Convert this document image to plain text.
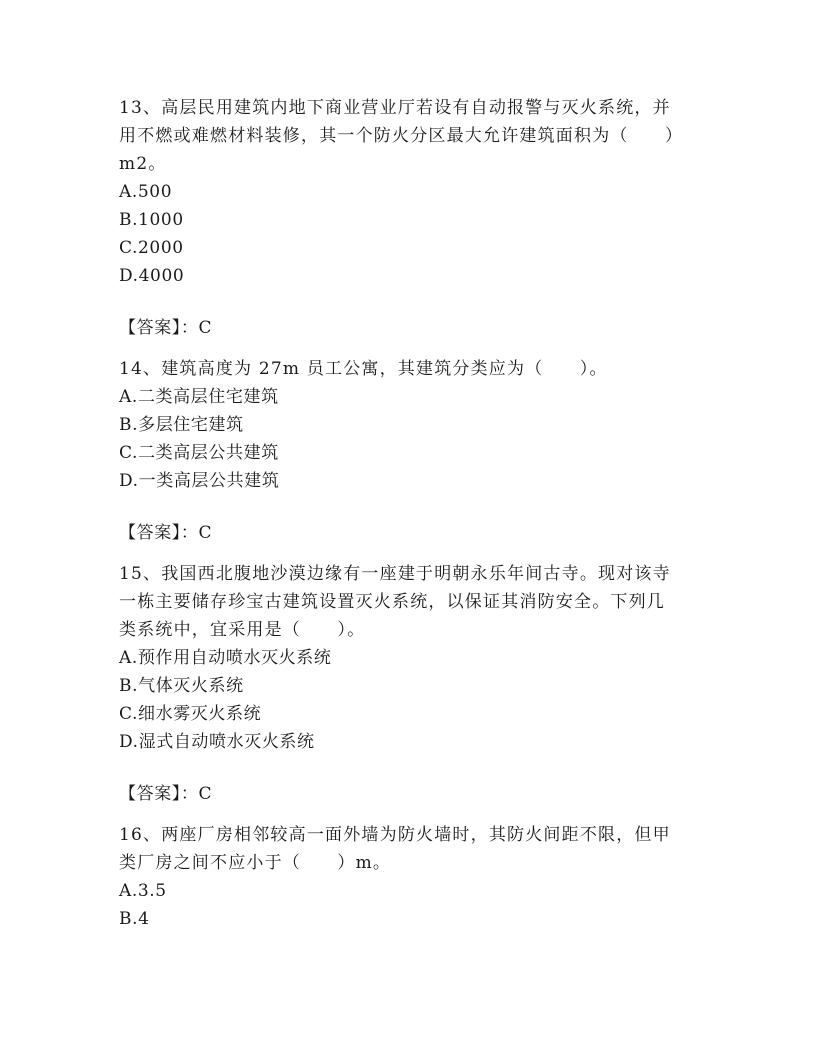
13、高层民用建筑内地下商业营业厅若设有自动报警与灭火系统，并
用不燃或难燃材料装修，其一个防火分区最大允许建筑面积为（　　）
m2。
A.500
B.1000
C.2000
D.4000
【答案】：C
14、建筑高度为 27m 员工公寓，其建筑分类应为（　　）。
A.二类高层住宅建筑
B.多层住宅建筑
C.二类高层公共建筑
D.一类高层公共建筑
【答案】：C
15、我国西北腹地沙漠边缘有一座建于明朝永乐年间古寺。现对该寺
一栋主要储存珍宝古建筑设置灭火系统，以保证其消防安全。下列几
类系统中，宜采用是（　　）。
A.预作用自动喷水灭火系统
B.气体灭火系统
C.细水雾灭火系统
D.湿式自动喷水灭火系统
【答案】：C
16、两座厂房相邻较高一面外墙为防火墙时，其防火间距不限，但甲
类厂房之间不应小于（　　）m。
A.3.5
B.4
